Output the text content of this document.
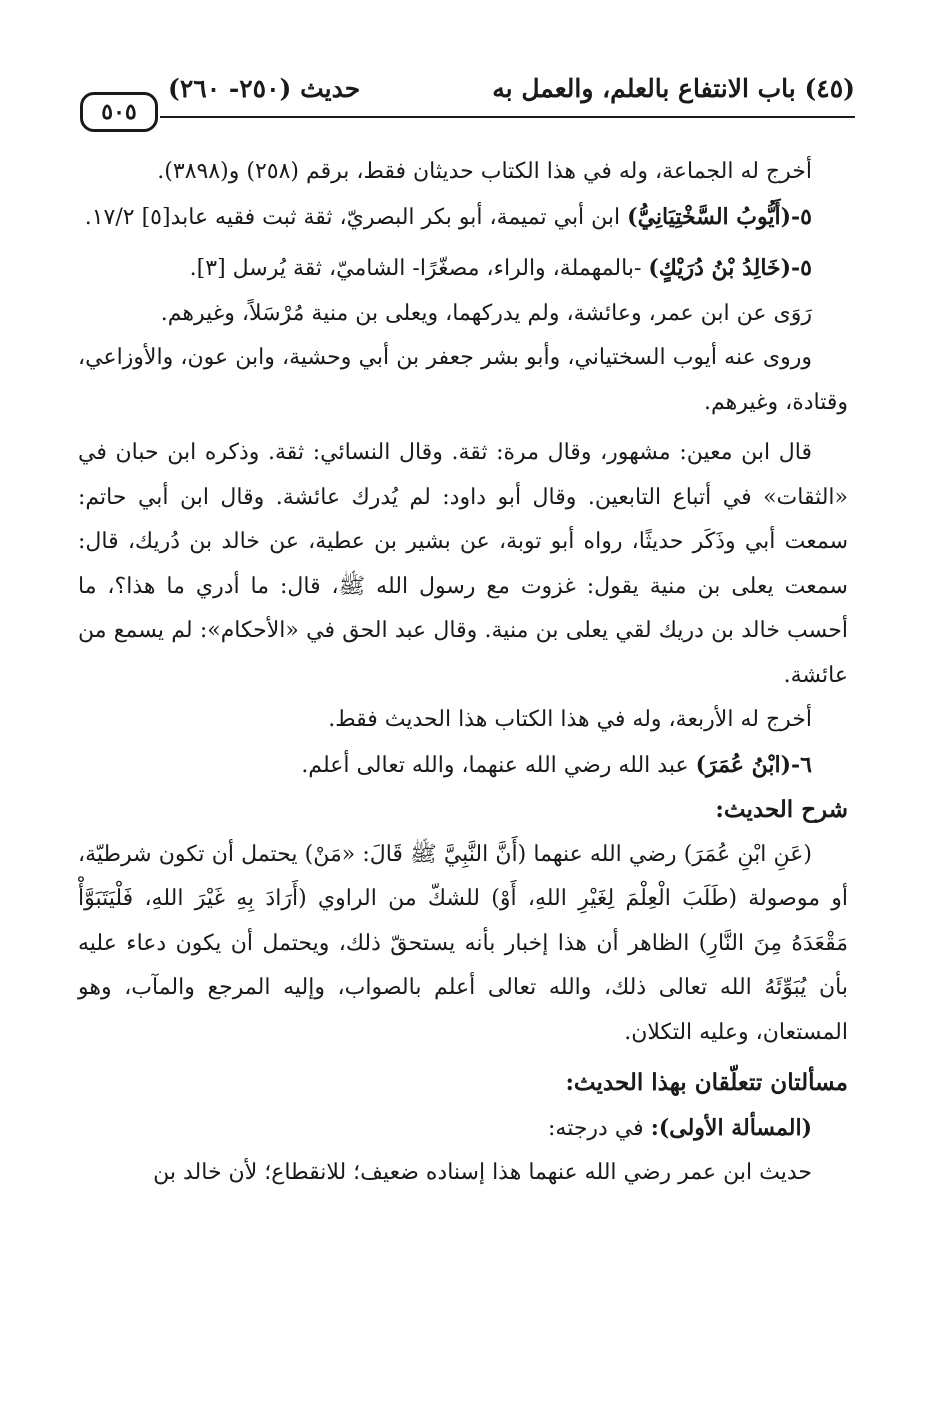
(٤٥) باب الانتفاع بالعلم، والعمل به
حديث (٢٥٠- ٢٦٠)
٥٠٥

أخرج له الجماعة، وله في هذا الكتاب حديثان فقط، برقم (٢٥٨) و(٣٨٩٨).

٥-(أَيُّوبُ السَّخْتِيَانِيُّ) ابن أبي تميمة، أبو بكر البصريّ، ثقة ثبت فقيه عابد[٥] ١٧/٢.

٥-(خَالِدُ بْنُ دُرَيْكٍ) -بالمهملة، والراء، مصغّرًا- الشاميّ، ثقة يُرسل [٣].

رَوَى عن ابن عمر، وعائشة، ولم يدركهما، ويعلى بن منية مُرْسَلاً، وغيرهم.

وروى عنه أيوب السختياني، وأبو بشر جعفر بن أبي وحشية، وابن عون، والأوزاعي، وقتادة، وغيرهم.

قال ابن معين: مشهور، وقال مرة: ثقة. وقال النسائي: ثقة. وذكره ابن حبان في «الثقات» في أتباع التابعين. وقال أبو داود: لم يُدرك عائشة. وقال ابن أبي حاتم: سمعت أبي وذَكَر حديثًا، رواه أبو توبة، عن بشير بن عطية، عن خالد بن دُريك، قال: سمعت يعلى بن منية يقول: غزوت مع رسول الله ﷺ، قال: ما أدري ما هذا؟، ما أحسب خالد بن دريك لقي يعلى بن منية. وقال عبد الحق في «الأحكام»: لم يسمع من عائشة.

أخرج له الأربعة، وله في هذا الكتاب هذا الحديث فقط.

٦-(ابْنُ عُمَرَ) عبد الله رضي الله عنهما، والله تعالى أعلم.

شرح الحديث:

(عَنِ ابْنِ عُمَرَ) رضي الله عنهما (أَنَّ النَّبِيَّ ﷺ قَالَ: «مَنْ) يحتمل أن تكون شرطيّة، أو موصولة (طَلَبَ الْعِلْمَ لِغَيْرِ اللهِ، أَوْ) للشكّ من الراوي (أَرَادَ بِهِ غَيْرَ اللهِ، فَلْيَتَبَوَّأْ مَقْعَدَهُ مِنَ النَّارِ) الظاهر أن هذا إخبار بأنه يستحقّ ذلك، ويحتمل أن يكون دعاء عليه بأن يُبَوِّئَهُ الله تعالى ذلك، والله تعالى أعلم بالصواب، وإليه المرجع والمآب، وهو المستعان، وعليه التكلان.

مسألتان تتعلّقان بهذا الحديث:

(المسألة الأولى): في درجته:

حديث ابن عمر رضي الله عنهما هذا إسناده ضعيف؛ للانقطاع؛ لأن خالد بن
